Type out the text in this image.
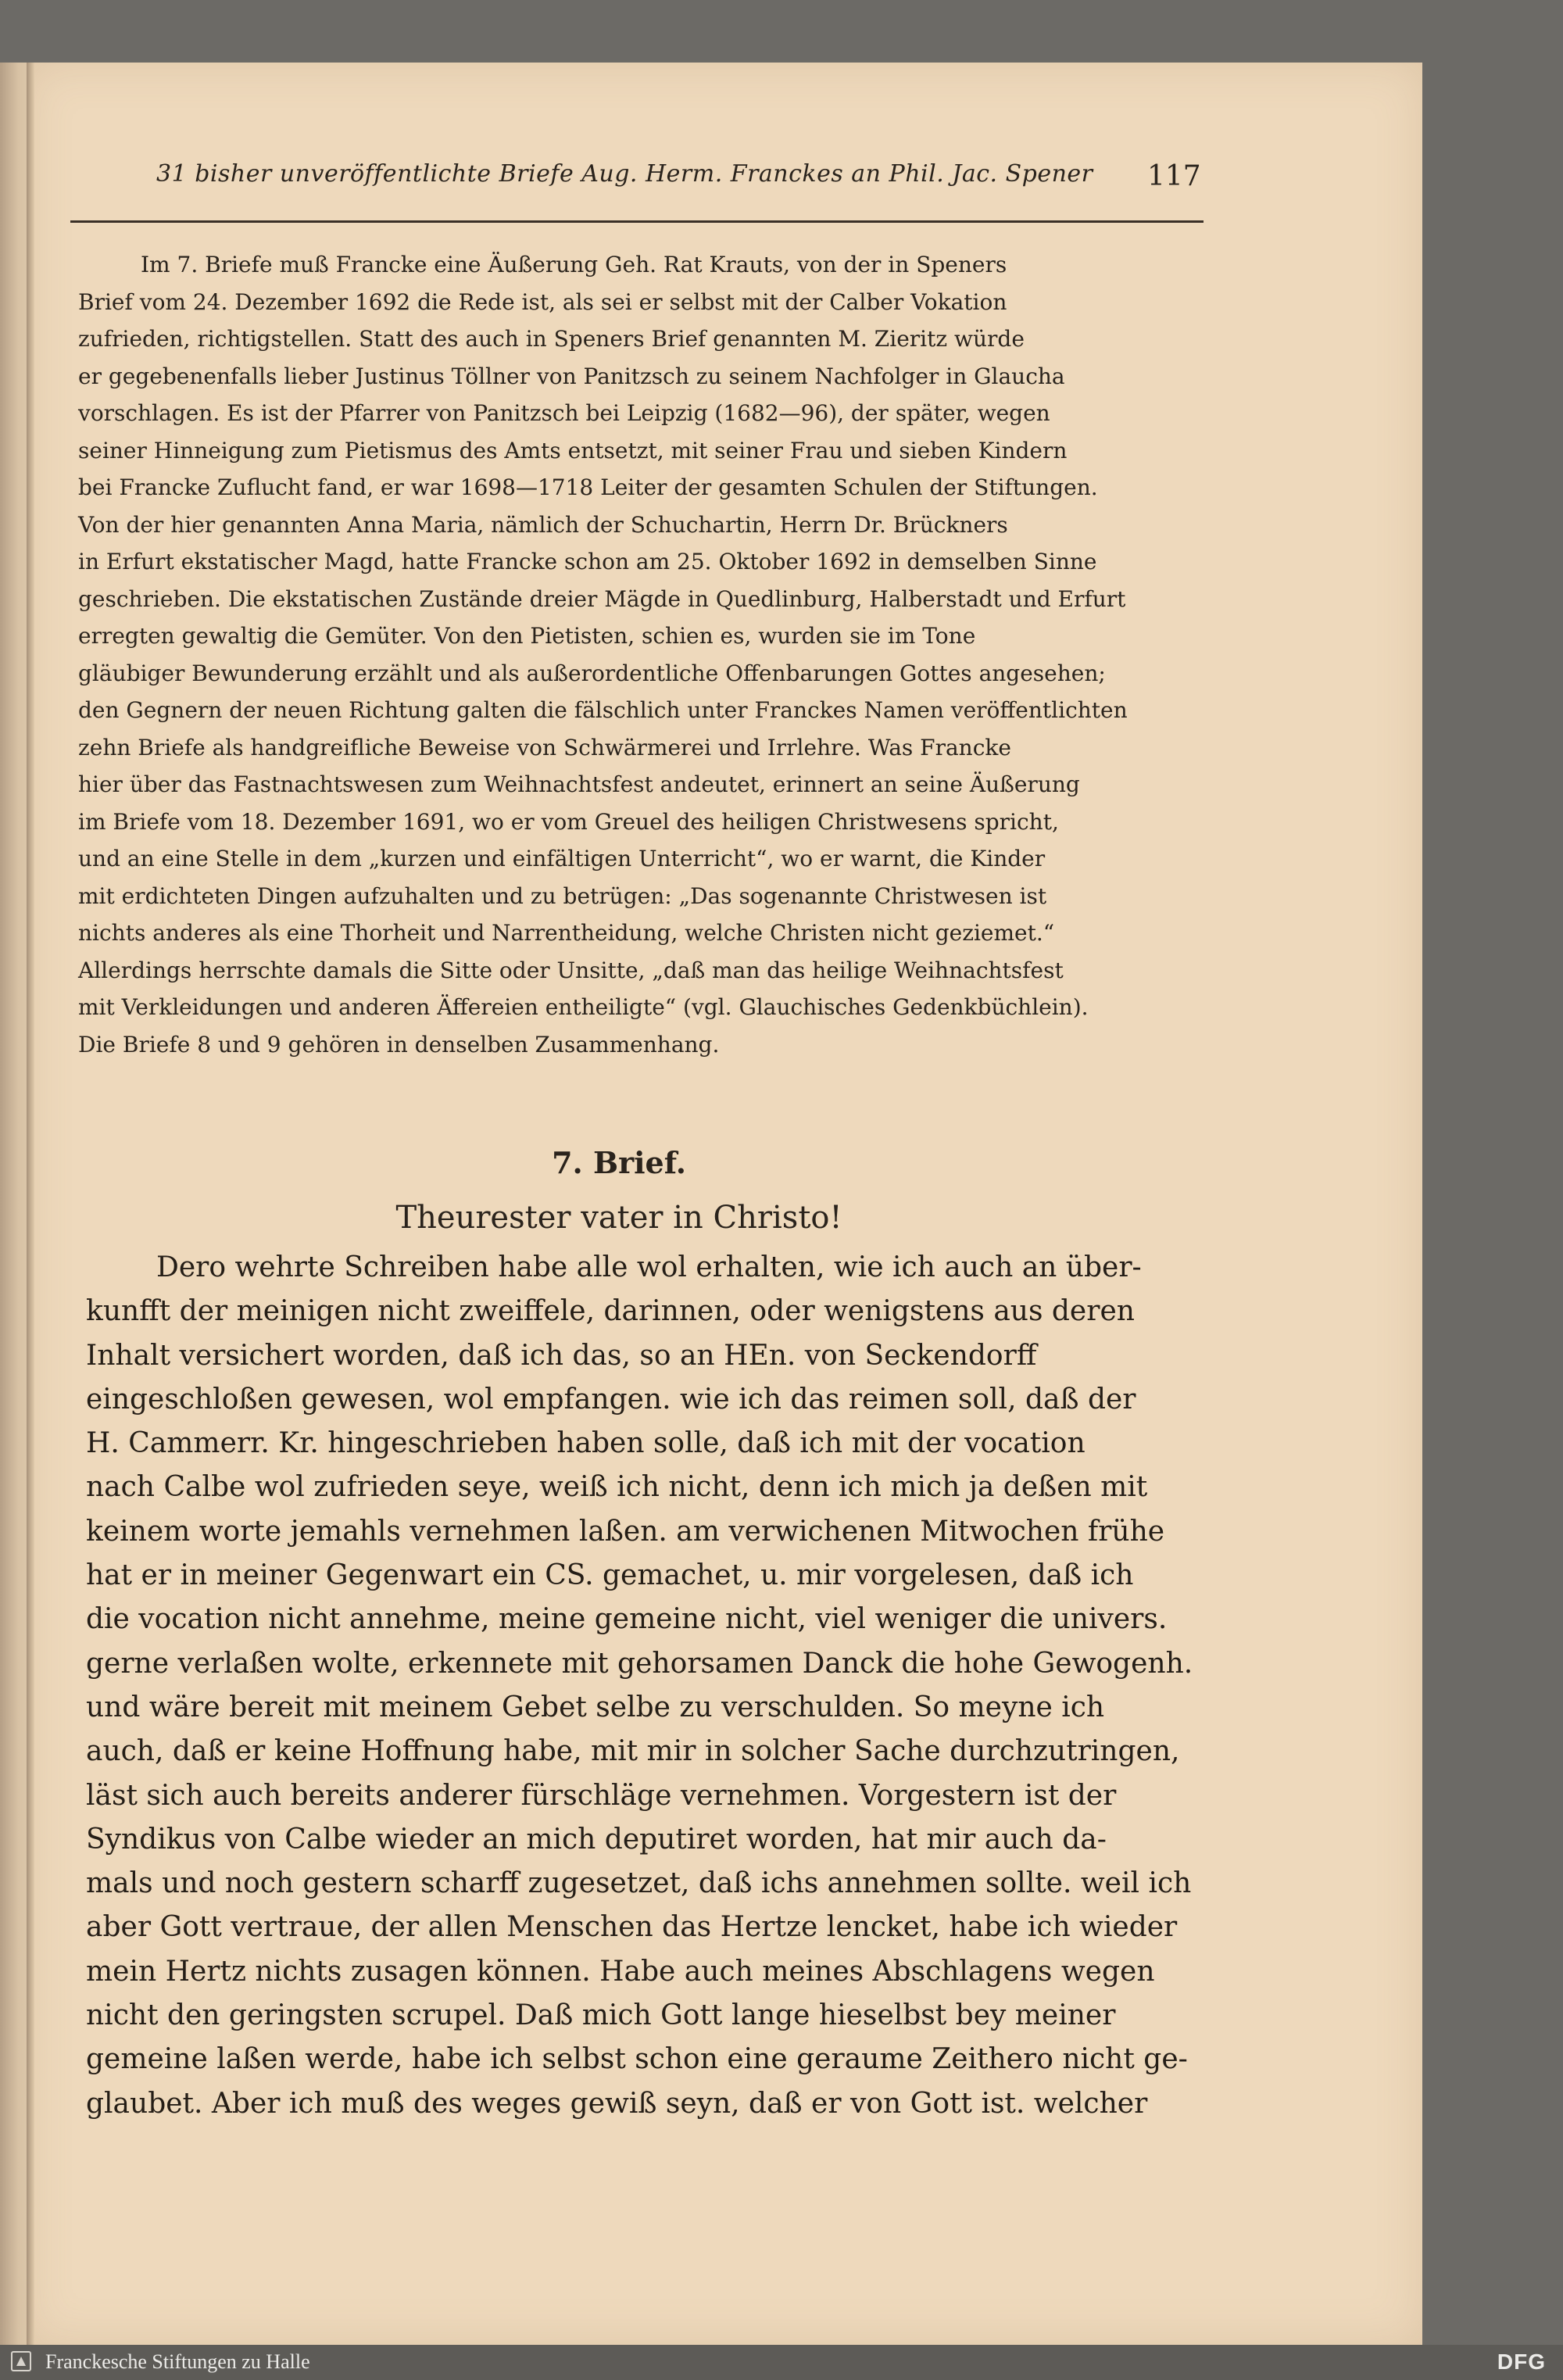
31 bisher unveröffentlichte Briefe Aug. Herm. Franckes an Phil. Jac. Spener	117
Im 7. Briefe muß Francke eine Äußerung Geh. Rat Krauts, von der in Speners
Brief vom 24. Dezember 1692 die Rede ist, als sei er selbst mit der Calber Vokation
zufrieden, richtigstellen. Statt des auch in Speners Brief genannten M. Zieritz würde
er gegebenenfalls lieber Justinus Töllner von Panitzsch zu seinem Nachfolger in Glaucha
vorschlagen. Es ist der Pfarrer von Panitzsch bei Leipzig (1682—96), der später, wegen
seiner Hinneigung zum Pietismus des Amts entsetzt, mit seiner Frau und sieben Kindern
bei Francke Zuflucht fand, er war 1698—1718 Leiter der gesamten Schulen der Stiftungen.
Von der hier genannten Anna Maria, nämlich der Schuchartin, Herrn Dr. Brückners
in Erfurt ekstatischer Magd, hatte Francke schon am 25. Oktober 1692 in demselben Sinne
geschrieben. Die ekstatischen Zustände dreier Mägde in Quedlinburg, Halberstadt und Erfurt
erregten gewaltig die Gemüter. Von den Pietisten, schien es, wurden sie im Tone
gläubiger Bewunderung erzählt und als außerordentliche Offenbarungen Gottes angesehen;
den Gegnern der neuen Richtung galten die fälschlich unter Franckes Namen veröffentlichten
zehn Briefe als handgreifliche Beweise von Schwärmerei und Irrlehre. Was Francke
hier über das Fastnachtswesen zum Weihnachtsfest andeutet, erinnert an seine Äußerung
im Briefe vom 18. Dezember 1691, wo er vom Greuel des heiligen Christwesens spricht,
und an eine Stelle in dem „kurzen und einfältigen Unterricht“, wo er warnt, die Kinder
mit erdichteten Dingen aufzuhalten und zu betrügen: „Das sogenannte Christwesen ist
nichts anderes als eine Thorheit und Narrentheidung, welche Christen nicht geziemet.“
Allerdings herrschte damals die Sitte oder Unsitte, „daß man das heilige Weihnachtsfest
mit Verkleidungen und anderen Äffereien entheiligte“ (vgl. Glauchisches Gedenkbüchlein).
Die Briefe 8 und 9 gehören in denselben Zusammenhang.
7. Brief.
Theurester vater in Christo!
Dero wehrte Schreiben habe alle wol erhalten, wie ich auch an über-
kunfft der meinigen nicht zweiffele, darinnen, oder wenigstens aus deren
Inhalt versichert worden, daß ich das, so an HEn. von Seckendorff
eingeschloßen gewesen, wol empfangen. wie ich das reimen soll, daß der
H. Cammerr. Kr. hingeschrieben haben solle, daß ich mit der vocation
nach Calbe wol zufrieden seye, weiß ich nicht, denn ich mich ja deßen mit
keinem worte jemahls vernehmen laßen. am verwichenen Mitwochen frühe
hat er in meiner Gegenwart ein CS. gemachet, u. mir vorgelesen, daß ich
die vocation nicht annehme, meine gemeine nicht, viel weniger die univers.
gerne verlaßen wolte, erkennete mit gehorsamen Danck die hohe Gewogenh.
und wäre bereit mit meinem Gebet selbe zu verschulden. So meyne ich
auch, daß er keine Hoffnung habe, mit mir in solcher Sache durchzutringen,
läst sich auch bereits anderer fürschläge vernehmen. Vorgestern ist der
Syndikus von Calbe wieder an mich deputiret worden, hat mir auch da-
mals und noch gestern scharff zugesetzet, daß ichs annehmen sollte. weil ich
aber Gott vertraue, der allen Menschen das Hertze lencket, habe ich wieder
mein Hertz nichts zusagen können. Habe auch meines Abschlagens wegen
nicht den geringsten scrupel. Daß mich Gott lange hieselbst bey meiner
gemeine laßen werde, habe ich selbst schon eine geraume Zeithero nicht ge-
glaubet. Aber ich muß des weges gewiß seyn, daß er von Gott ist. welcher
Franckesche Stiftungen zu Halle	DFG
